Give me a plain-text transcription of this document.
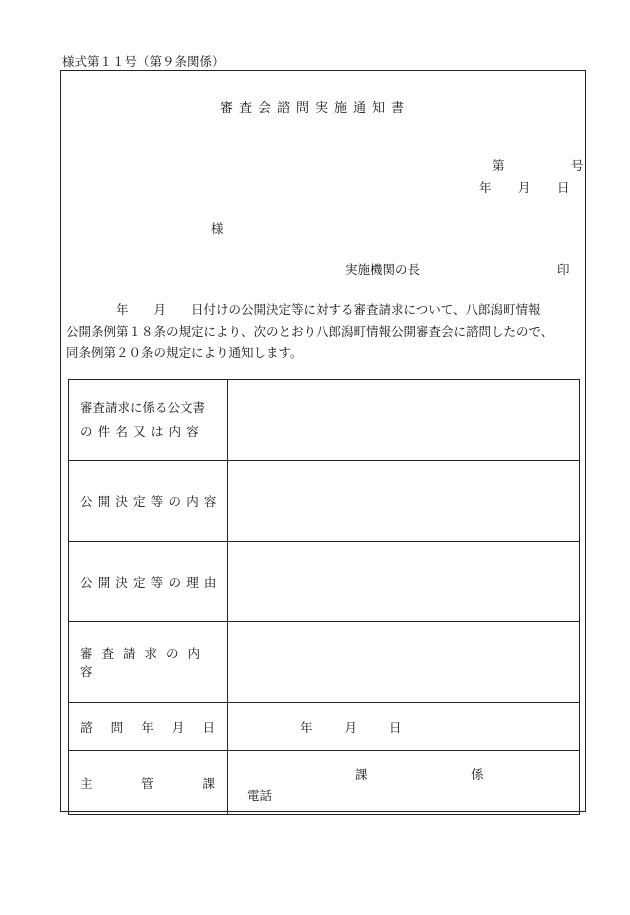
様式第１１号（第９条関係）
審査会諮問実施通知書
第	号
年 月 日
様
実施機関の長	印

　　　　年　　月　　日付けの公開決定等に対する審査請求について、八郎潟町情報

公開条例第１８条の規定により、次のとおり八郎潟町情報公開審査会に諮問したので、

同条例第２０条の規定により通知します。

審査請求に係る公文書
の件名又は内容	

公開決定等の内容	

公開決定等の理由	

審査請求の内容	

諮 問 年 月 日	年 月 日

主 管 課	課 係
電話
